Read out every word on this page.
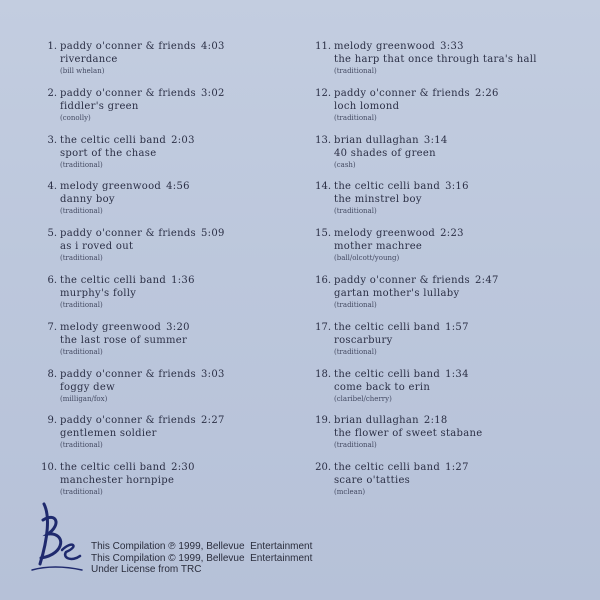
1. paddy o'conner & friends 4:03
riverdance
(bill whelan)
2. paddy o'conner & friends 3:02
fiddler's green
(conolly)
3. the celtic celli band 2:03
sport of the chase
(traditional)
4. melody greenwood 4:56
danny boy
(traditional)
5. paddy o'conner & friends 5:09
as i roved out
(traditional)
6. the celtic celli band 1:36
murphy's folly
(traditional)
7. melody greenwood 3:20
the last rose of summer
(traditional)
8. paddy o'conner & friends 3:03
foggy dew
(milligan/fox)
9. paddy o'conner & friends 2:27
gentlemen soldier
(traditional)
10. the celtic celli band 2:30
manchester hornpipe
(traditional)
11. melody greenwood 3:33
the harp that once through tara's hall
(traditional)
12. paddy o'conner & friends 2:26
loch lomond
(traditional)
13. brian dullaghan 3:14
40 shades of green
(cash)
14. the celtic celli band 3:16
the minstrel boy
(traditional)
15. melody greenwood 2:23
mother machree
(ball/olcott/young)
16. paddy o'conner & friends 2:47
gartan mother's lullaby
(traditional)
17. the celtic celli band 1:57
roscarbury
(traditional)
18. the celtic celli band 1:34
come back to erin
(claribel/cherry)
19. brian dullaghan 2:18
the flower of sweet stabane
(traditional)
20. the celtic celli band 1:27
scare o'tatties
(mclean)
This Compilation ℗ 1999, Bellevue  Entertainment
This Compilation © 1999, Bellevue  Entertainment
Under License from TRC
